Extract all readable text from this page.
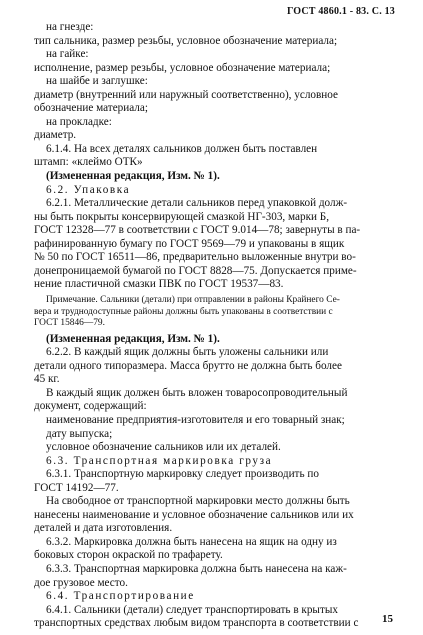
ГОСТ 4860.1 - 83. С. 13
на гнезде:
тип сальника, размер резьбы, условное обозначение материала;
на гайке:
исполнение, размер резьбы, условное обозначение материала;
на шайбе и заглушке:
диаметр (внутренний или наружный соответственно), условное
обозначение материала;
на прокладке:
диаметр.
6.1.4. На всех деталях сальников должен быть поставлен
штамп: «клеймо ОТК»
(Измененная редакция, Изм. № 1).
6.2. Упаковка
6.2.1. Металлические детали сальников перед упаковкой долж-
ны быть покрыты консервирующей смазкой НГ-303, марки Б,
ГОСТ 12328—77 в соответствии с ГОСТ 9.014—78; завернуты в па-
рафинированную бумагу по ГОСТ 9569—79 и упакованы в ящик
№ 50 по ГОСТ 16511—86, предварительно выложенные внутри во-
донепроницаемой бумагой по ГОСТ 8828—75. Допускается приме-
нение пластичной смазки ПВК по ГОСТ 19537—83.
Примечание. Сальники (детали) при отправлении в районы Крайнего Се-
вера и труднодоступные районы должны быть упакованы в соответствии с
ГОСТ 15846—79.
(Измененная редакция, Изм. № 1).
6.2.2. В каждый ящик должны быть уложены сальники или
детали одного типоразмера. Масса брутто не должна быть более
45 кг.
В каждый ящик должен быть вложен товаросопроводительный
документ, содержащий:
наименование предприятия-изготовителя и его товарный знак;
дату выпуска;
условное обозначение сальников или их деталей.
6.3. Транспортная маркировка груза
6.3.1. Транспортную маркировку следует производить по
ГОСТ 14192—77.
На свободное от транспортной маркировки место должны быть
нанесены наименование и условное обозначение сальников или их
деталей и дата изготовления.
6.3.2. Маркировка должна быть нанесена на ящик на одну из
боковых сторон окраской по трафарету.
6.3.3. Транспортная маркировка должна быть нанесена на каж-
дое грузовое место.
6.4. Транспортирование
6.4.1. Сальники (детали) следует транспортировать в крытых
транспортных средствах любым видом транспорта в соответствии с	15
